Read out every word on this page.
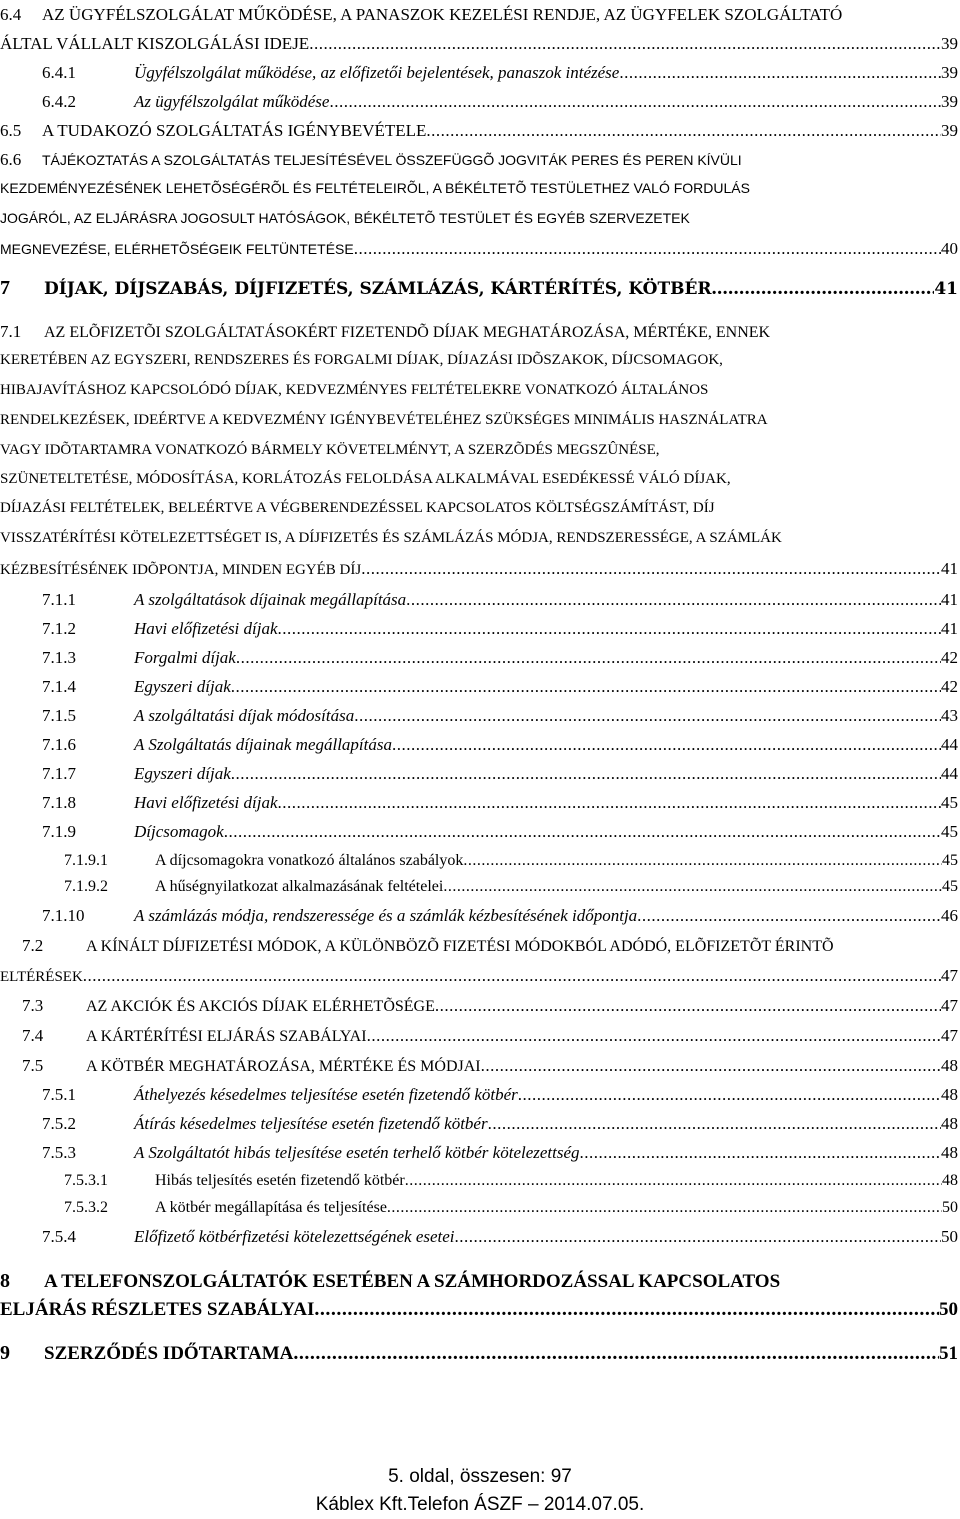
6.4	AZ ÜGYFÉLSZOLGÁLAT MŰKÖDÉSE, A PANASZOK KEZELÉSI RENDJE, AZ ÜGYFELEK SZOLGÁLTATÓ
ÁLTAL VÁLLALT KISZOLGÁLÁSI IDEJE .....	39
6.4.1	Ügyfélszolgálat működése, az előfizetői bejelentések, panaszok intézése .....	39
6.4.2	Az ügyfélszolgálat működése .....	39
6.5	A TUDAKOZÓ SZOLGÁLTATÁS IGÉNYBEVÉTELE .....	39
6.6	TÁJÉKOZTATÁS A SZOLGÁLTATÁS TELJESÍTÉSÉVEL ÖSSZEFÜGGÕ JOGVITÁK PERES ÉS PEREN KÍVÜLI
KEZDEMÉNYEZÉSÉNEK LEHETÕSÉGÉRÕL ÉS FELTÉTELEIRÕL, A BÉKÉLTETÕ TESTÜLETHEZ VALÓ FORDULÁS
JOGÁRÓL, AZ ELJÁRÁSRA JOGOSULT HATÓSÁGOK, BÉKÉLTETÕ TESTÜLET ÉS EGYÉB SZERVEZETEK
MEGNEVEZÉSE, ELÉRHETÕSÉGEIK FELTÜNTETÉSE .....	40
7	DÍJAK, DÍJSZABÁS, DÍJFIZETÉS, SZÁMLÁZÁS, KÁRTÉRÍTÉS, KÖTBÉR .....	41
7.1	AZ ELÕFIZETÕI SZOLGÁLTATÁSOKÉRT FIZETENDÕ DÍJAK MEGHATÁROZÁSA, MÉRTÉKE, ENNEK
KERETÉBEN AZ EGYSZERI, RENDSZERES ÉS FORGALMI DÍJAK, DÍJAZÁSI IDÕSZAKOK, DÍJCSOMAGOK,
HIBAJAVÍTÁSHOZ KAPCSOLÓDÓ DÍJAK, KEDVEZMÉNYES FELTÉTELEKRE VONATKOZÓ ÁLTALÁNOS
RENDELKEZÉSEK, IDEÉRTVE A KEDVEZMÉNY IGÉNYBEVÉTELÉHEZ SZÜKSÉGES MINIMÁLIS HASZNÁLATRA
VAGY IDÕTARTAMRA VONATKOZÓ BÁRMELY KÖVETELMÉNYT, A SZERZÕDÉS MEGSZÛNÉSE,
SZÜNETELTETÉSE, MÓDOSÍTÁSA, KORLÁTOZÁS FELOLDÁSA ALKALMÁVAL ESEDÉKESSÉ VÁLÓ DÍJAK,
DÍJAZÁSI FELTÉTELEK, BELEÉRTVE A VÉGBERENDEZÉSSEL KAPCSOLATOS KÖLTSÉGSZÁMÍTÁST, DÍJ
VISSZATÉRÍTÉSI KÖTELEZETTSÉGET IS, A DÍJFIZETÉS ÉS SZÁMLÁZÁS MÓDJA, RENDSZERESSÉGE, A SZÁMLÁK
KÉZBESÍTÉSÉNEK IDÕPONTJA, MINDEN EGYÉB DÍJ .....	41
7.1.1	A szolgáltatások díjainak megállapítása .....	41
7.1.2	Havi előfizetési díjak .....	41
7.1.3	Forgalmi díjak .....	42
7.1.4	Egyszeri díjak .....	42
7.1.5	A szolgáltatási díjak módosítása .....	43
7.1.6	A Szolgáltatás díjainak megállapítása .....	44
7.1.7	Egyszeri díjak .....	44
7.1.8	Havi előfizetési díjak .....	45
7.1.9	Díjcsomagok .....	45
7.1.9.1	A díjcsomagokra vonatkozó általános szabályok .....	45
7.1.9.2	A hűségnyilatkozat alkalmazásának feltételei .....	45
7.1.10	A számlázás módja, rendszeressége és a számlák kézbesítésének időpontja .....	46
7.2	A KÍNÁLT DÍJFIZETÉSI MÓDOK, A KÜLÖNBÖZÕ FIZETÉSI MÓDOKBÓL ADÓDÓ, ELÕFIZETÕT ÉRINTÕ
ELTÉRÉSEK .....	47
7.3	AZ AKCIÓK ÉS AKCIÓS DÍJAK ELÉRHETÕSÉGE .....	47
7.4	A KÁRTÉRÍTÉSI ELJÁRÁS SZABÁLYAI .....	47
7.5	A KÖTBÉR MEGHATÁROZÁSA, MÉRTÉKE ÉS MÓDJAI .....	48
7.5.1	Áthelyezés késedelmes teljesítése esetén fizetendő kötbér .....	48
7.5.2	Átírás késedelmes teljesítése esetén fizetendő kötbér .....	48
7.5.3	A Szolgáltatót hibás teljesítése esetén terhelő kötbér kötelezettség .....	48
7.5.3.1	Hibás teljesítés esetén fizetendő kötbér .....	48
7.5.3.2	A kötbér megállapítása és teljesítése .....	50
7.5.4	Előfizető kötbérfizetési kötelezettségének esetei .....	50
8	A TELEFONSZOLGÁLTATÓK ESETÉBEN A SZÁMHORDOZÁSSAL KAPCSOLATOS
ELJÁRÁS RÉSZLETES SZABÁLYAI .....	50
9	SZERZŐDÉS IDŐTARTAMA .....	51
5. oldal, összesen: 97
Káblex Kft.Telefon ÁSZF – 2014.07.05.
